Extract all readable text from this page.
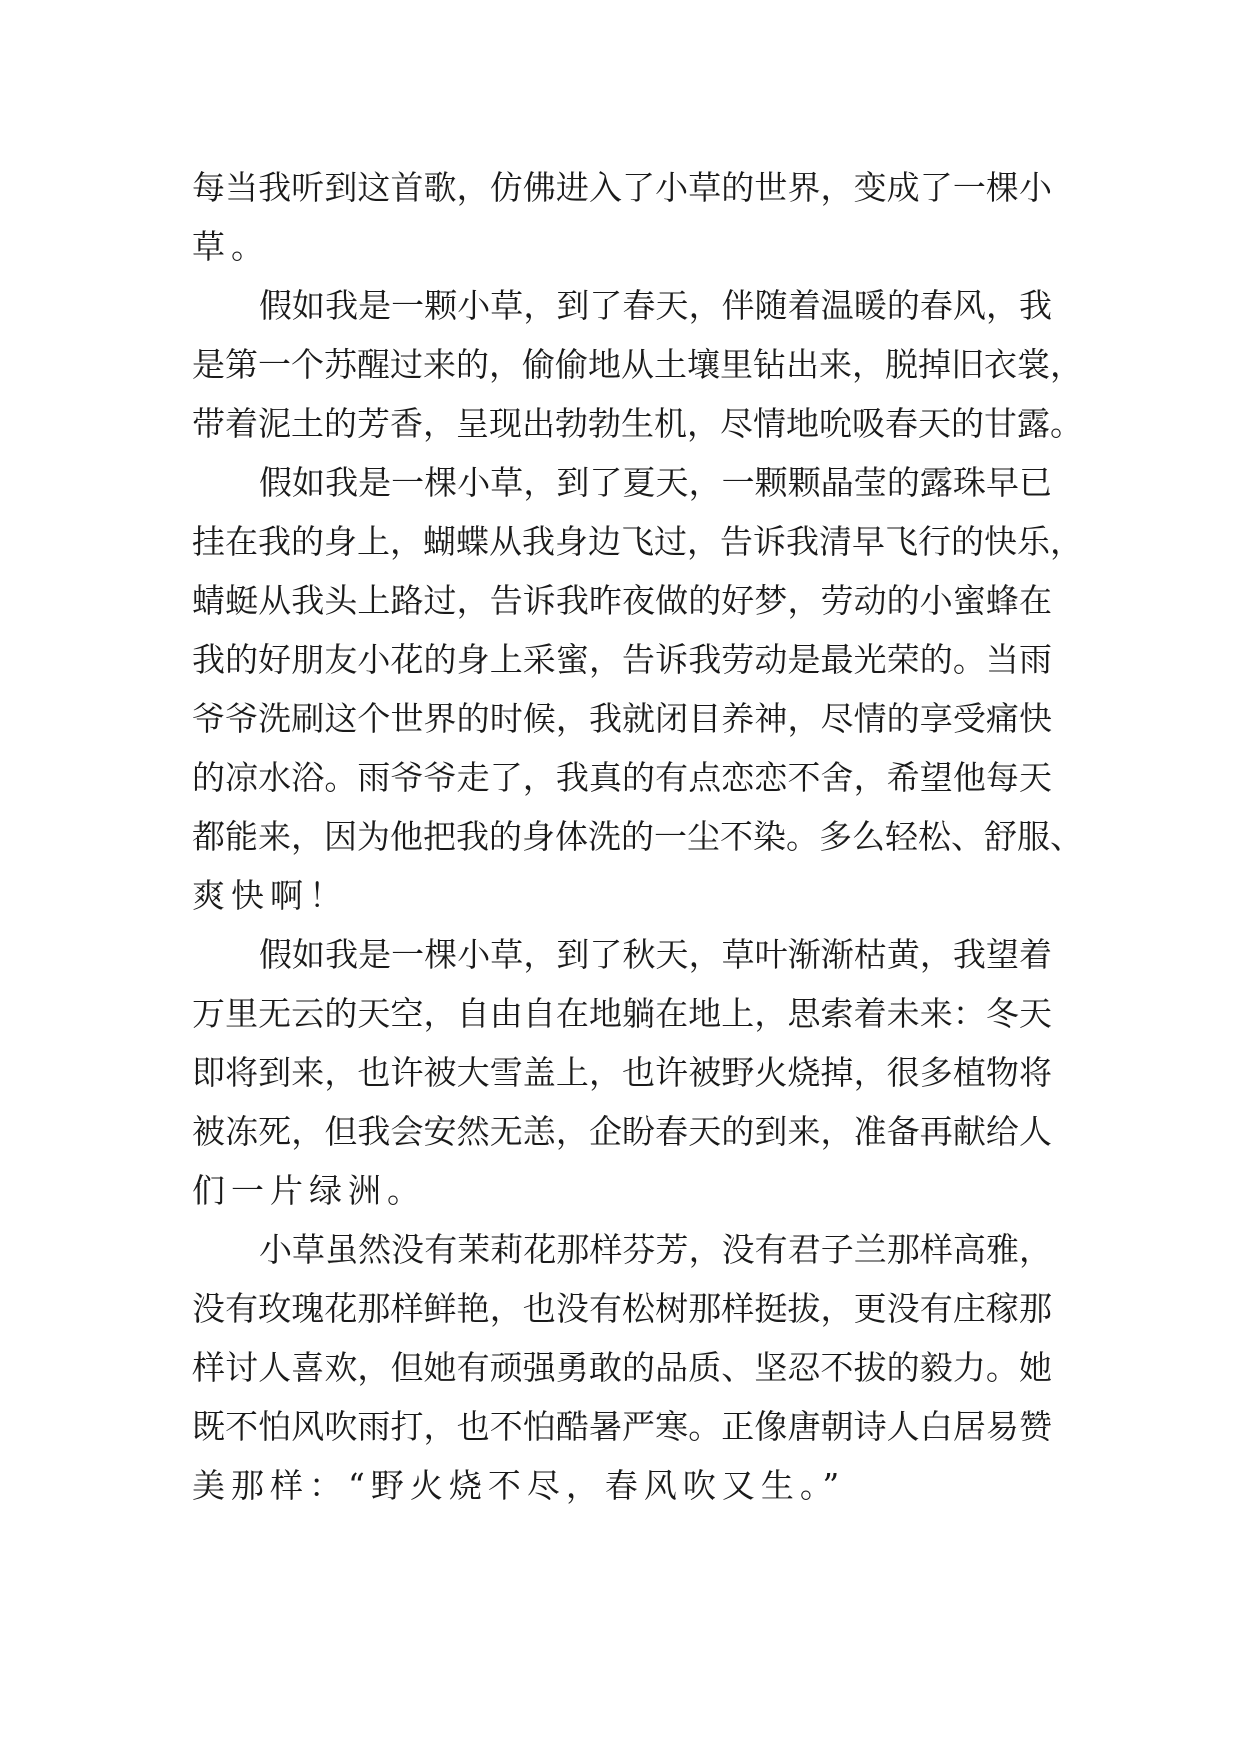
每当我听到这首歌，仿佛进入了小草的世界，变成了一棵小
草。
假如我是一颗小草，到了春天，伴随着温暖的春风，我
是第一个苏醒过来的，偷偷地从土壤里钻出来，脱掉旧衣裳，
带着泥土的芳香，呈现出勃勃生机，尽情地吮吸春天的甘露。
假如我是一棵小草，到了夏天，一颗颗晶莹的露珠早已
挂在我的身上，蝴蝶从我身边飞过，告诉我清早飞行的快乐，
蜻蜓从我头上路过，告诉我昨夜做的好梦，劳动的小蜜蜂在
我的好朋友小花的身上采蜜，告诉我劳动是最光荣的。当雨
爷爷洗刷这个世界的时候，我就闭目养神，尽情的享受痛快
的凉水浴。雨爷爷走了，我真的有点恋恋不舍，希望他每天
都能来，因为他把我的身体洗的一尘不染。多么轻松、舒服、
爽快啊！
假如我是一棵小草，到了秋天，草叶渐渐枯黄，我望着
万里无云的天空，自由自在地躺在地上，思索着未来：冬天
即将到来，也许被大雪盖上，也许被野火烧掉，很多植物将
被冻死，但我会安然无恙，企盼春天的到来，准备再献给人
们一片绿洲。
小草虽然没有茉莉花那样芬芳，没有君子兰那样高雅，
没有玫瑰花那样鲜艳，也没有松树那样挺拔，更没有庄稼那
样讨人喜欢，但她有顽强勇敢的品质、坚忍不拔的毅力。她
既不怕风吹雨打，也不怕酷暑严寒。正像唐朝诗人白居易赞
美那样：“野火烧不尽，春风吹又生。”
